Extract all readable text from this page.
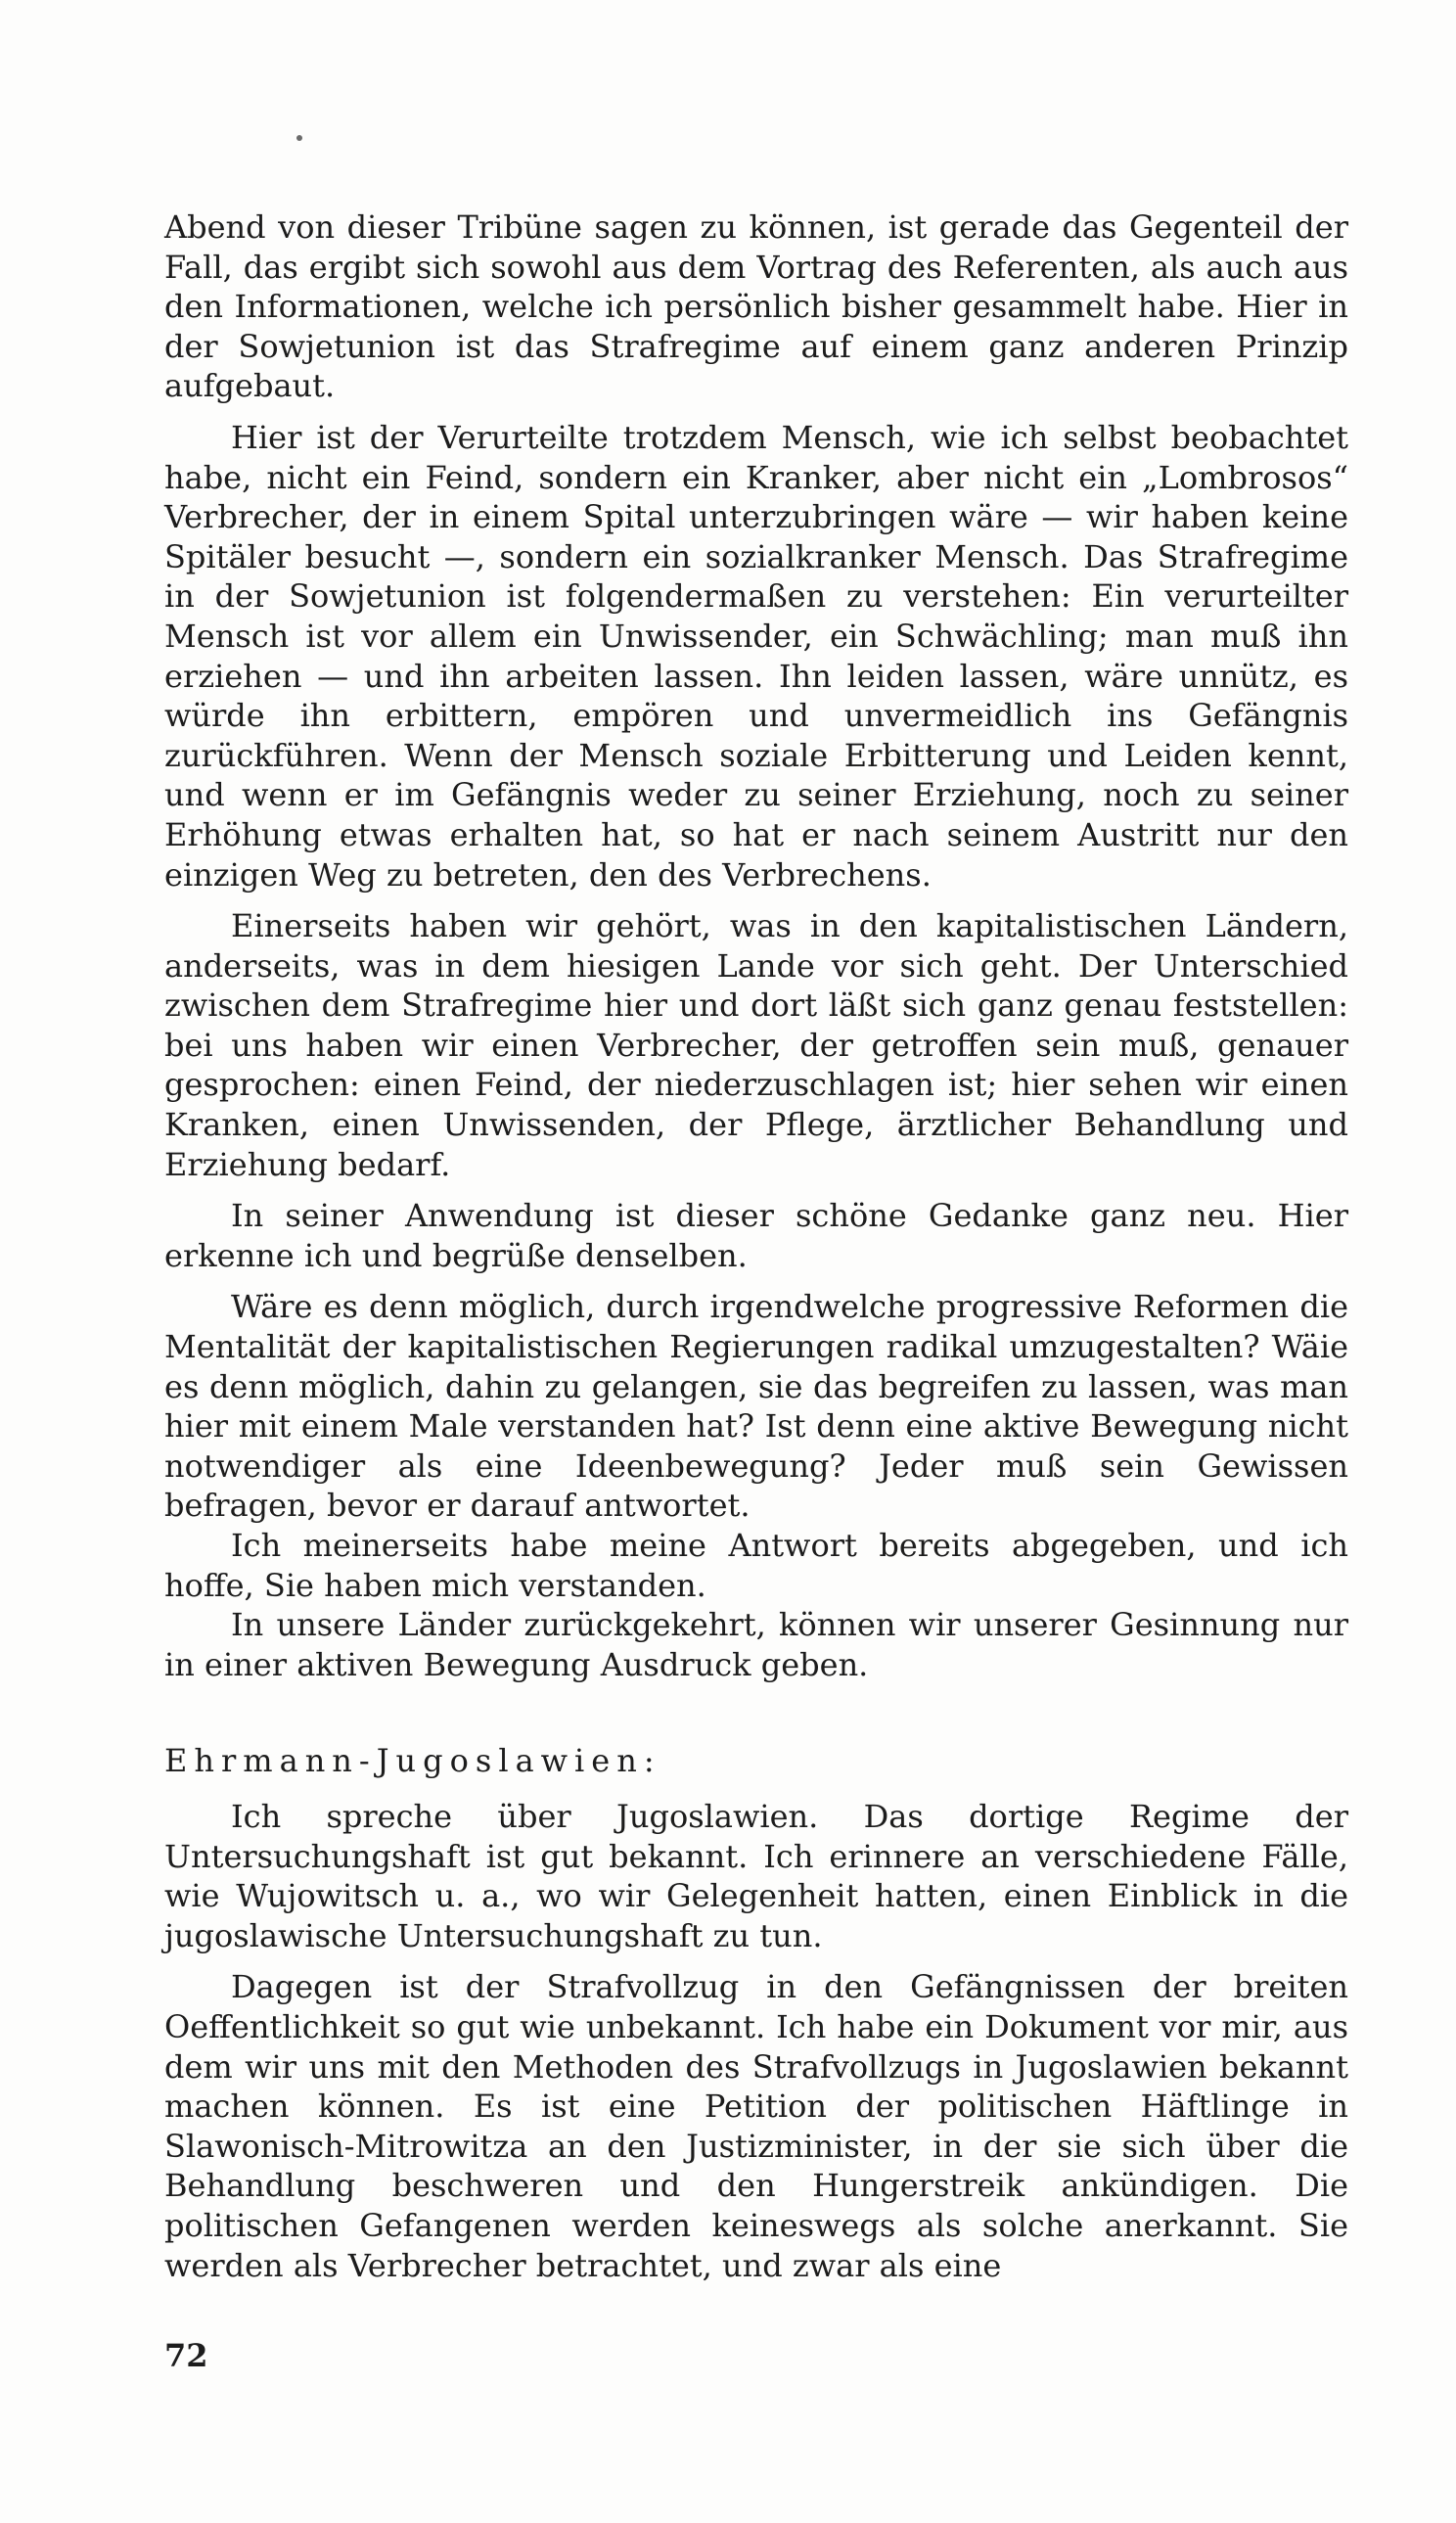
Abend von dieser Tribüne sagen zu können, ist gerade das Gegenteil der Fall, das ergibt sich sowohl aus dem Vortrag des Referenten, als auch aus den Informationen, welche ich persönlich bisher gesammelt habe. Hier in der Sowjetunion ist das Strafregime auf einem ganz anderen Prinzip aufgebaut.

Hier ist der Verurteilte trotzdem Mensch, wie ich selbst beobachtet habe, nicht ein Feind, sondern ein Kranker, aber nicht ein „Lombrosos“ Verbrecher, der in einem Spital unterzubringen wäre — wir haben keine Spitäler besucht —, sondern ein sozialkranker Mensch. Das Strafregime in der Sowjetunion ist folgendermaßen zu verstehen: Ein verurteilter Mensch ist vor allem ein Unwissender, ein Schwächling; man muß ihn erziehen — und ihn arbeiten lassen. Ihn leiden lassen, wäre unnütz, es würde ihn erbittern, empören und unvermeidlich ins Gefängnis zurückführen. Wenn der Mensch soziale Erbitterung und Leiden kennt, und wenn er im Gefängnis weder zu seiner Erziehung, noch zu seiner Erhöhung etwas erhalten hat, so hat er nach seinem Austritt nur den einzigen Weg zu betreten, den des Verbrechens.

Einerseits haben wir gehört, was in den kapitalistischen Ländern, anderseits, was in dem hiesigen Lande vor sich geht. Der Unterschied zwischen dem Strafregime hier und dort läßt sich ganz genau feststellen: bei uns haben wir einen Verbrecher, der getroffen sein muß, genauer gesprochen: einen Feind, der niederzuschlagen ist; hier sehen wir einen Kranken, einen Unwissenden, der Pflege, ärztlicher Behandlung und Erziehung bedarf.

In seiner Anwendung ist dieser schöne Gedanke ganz neu. Hier erkenne ich und begrüße denselben.

Wäre es denn möglich, durch irgendwelche progressive Reformen die Mentalität der kapitalistischen Regierungen radikal umzugestalten? Wäie es denn möglich, dahin zu gelangen, sie das begreifen zu lassen, was man hier mit einem Male verstanden hat? Ist denn eine aktive Bewegung nicht notwendiger als eine Ideenbewegung? Jeder muß sein Gewissen befragen, bevor er darauf antwortet.

Ich meinerseits habe meine Antwort bereits abgegeben, und ich hoffe, Sie haben mich verstanden.

In unsere Länder zurückgekehrt, können wir unserer Gesinnung nur in einer aktiven Bewegung Ausdruck geben.

Ehrmann-Jugoslawien:

Ich spreche über Jugoslawien. Das dortige Regime der Untersuchungshaft ist gut bekannt. Ich erinnere an verschiedene Fälle, wie Wujowitsch u. a., wo wir Gelegenheit hatten, einen Einblick in die jugoslawische Untersuchungshaft zu tun.

Dagegen ist der Strafvollzug in den Gefängnissen der breiten Oeffentlichkeit so gut wie unbekannt. Ich habe ein Dokument vor mir, aus dem wir uns mit den Methoden des Strafvollzugs in Jugoslawien bekannt machen können. Es ist eine Petition der politischen Häftlinge in Slawonisch-Mitrowitza an den Justizminister, in der sie sich über die Behandlung beschweren und den Hungerstreik ankündigen. Die politischen Gefangenen werden keineswegs als solche anerkannt. Sie werden als Verbrecher betrachtet, und zwar als eine

72
